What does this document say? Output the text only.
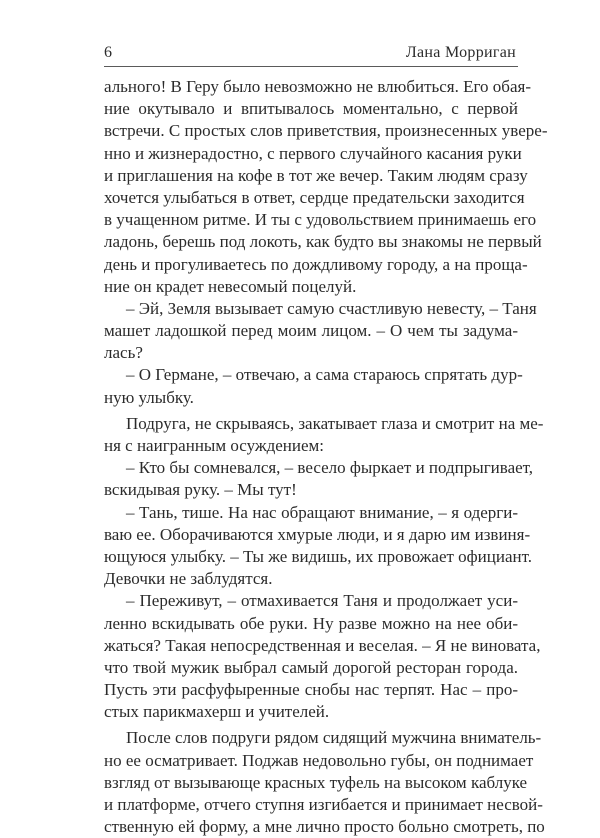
6	Лана Морриган
ального! В Геру было невозможно не влюбиться. Его обая-
ние окутывало и впитывалось моментально, с первой
встречи. С простых слов приветствия, произнесенных увере-
нно и жизнерадостно, с первого случайного касания руки
и приглашения на кофе в тот же вечер. Таким людям сразу
хочется улыбаться в ответ, сердце предательски заходится
в учащенном ритме. И ты с удовольствием принимаешь его
ладонь, берешь под локоть, как будто вы знакомы не первый
день и прогуливаетесь по дождливому городу, а на проща-
ние он крадет невесомый поцелуй.
– Эй, Земля вызывает самую счастливую невесту, – Таня
машет ладошкой перед моим лицом. – О чем ты задума-
лась?
– О Германе, – отвечаю, а сама стараюсь спрятать дур-
ную улыбку.
Подруга, не скрываясь, закатывает глаза и смотрит на ме-
ня с наигранным осуждением:
– Кто бы сомневался, – весело фыркает и подпрыгивает,
вскидывая руку. – Мы тут!
– Тань, тише. На нас обращают внимание, – я одерги-
ваю ее. Оборачиваются хмурые люди, и я дарю им извиня-
ющуюся улыбку. – Ты же видишь, их провожает официант.
Девочки не заблудятся.
– Переживут, – отмахивается Таня и продолжает уси-
ленно вскидывать обе руки. Ну разве можно на нее оби-
жаться? Такая непосредственная и веселая. – Я не виновата,
что твой мужик выбрал самый дорогой ресторан города.
Пусть эти расфуфыренные снобы нас терпят. Нас – про-
стых парикмахерш и учителей.
После слов подруги рядом сидящий мужчина вниматель-
но ее осматривает. Поджав недовольно губы, он поднимает
взгляд от вызывающе красных туфель на высоком каблуке
и платформе, отчего ступня изгибается и принимает несвой-
ственную ей форму, а мне лично просто больно смотреть, по
